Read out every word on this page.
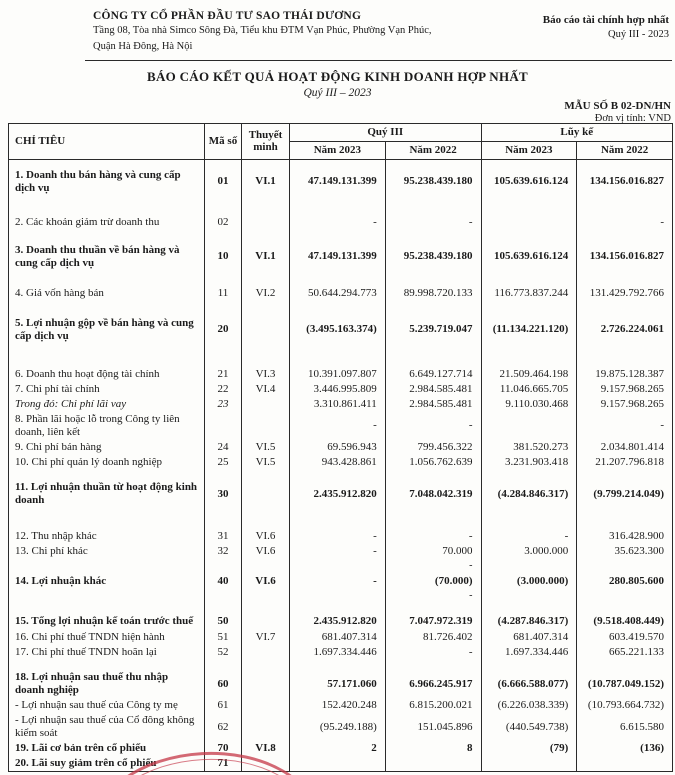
CÔNG TY CỔ PHẦN ĐẦU TƯ SAO THÁI DƯƠNG
Tầng 08, Tòa nhà Simco Sông Đà, Tiểu khu ĐTM Vạn Phúc, Phường Vạn Phúc,
Quận Hà Đông, Hà Nội
Báo cáo tài chính hợp nhất
Quý III - 2023
BÁO CÁO KẾT QUẢ HOẠT ĐỘNG KINH DOANH HỢP NHẤT
Quý III – 2023
MẪU SỐ B 02-DN/HN
Đơn vị tính: VND
CHỈ TIÊU	Mã số	Thuyết minh	Quý III		Lũy kế	
			Năm 2023	Năm 2022	Năm 2023	Năm 2022
1. Doanh thu bán hàng và cung cấp dịch vụ	01	VI.1	47.149.131.399	95.238.439.180	105.639.616.124	134.156.016.827
2. Các khoản giảm trừ doanh thu	02		-	-		-
3. Doanh thu thuần về bán hàng và cung cấp dịch vụ	10	VI.1	47.149.131.399	95.238.439.180	105.639.616.124	134.156.016.827
4. Giá vốn hàng bán	11	VI.2	50.644.294.773	89.998.720.133	116.773.837.244	131.429.792.766
5. Lợi nhuận gộp về bán hàng và cung cấp dịch vụ	20		(3.495.163.374)	5.239.719.047	(11.134.221.120)	2.726.224.061
6. Doanh thu hoạt động tài chính	21	VI.3	10.391.097.807	6.649.127.714	21.509.464.198	19.875.128.387
7. Chi phí tài chính	22	VI.4	3.446.995.809	2.984.585.481	11.046.665.705	9.157.968.265
Trong đó: Chi phí lãi vay	23		3.310.861.411	2.984.585.481	9.110.030.468	9.157.968.265
8. Phần lãi hoặc lỗ trong Công ty liên doanh, liên kết			-	-		-
9. Chi phí bán hàng	24	VI.5	69.596.943	799.456.322	381.520.273	2.034.801.414
10. Chi phí quản lý doanh nghiệp	25	VI.5	943.428.861	1.056.762.639	3.231.903.418	21.207.796.818
11. Lợi nhuận thuần từ hoạt động kinh doanh	30		2.435.912.820	7.048.042.319	(4.284.846.317)	(9.799.214.049)
12. Thu nhập khác	31	VI.6	-	-	-	316.428.900
13. Chi phí khác	32	VI.6	-	70.000	3.000.000	35.623.300
				-		
14. Lợi nhuận khác	40	VI.6	-	(70.000)	(3.000.000)	280.805.600
				-		
15. Tổng lợi nhuận kế toán trước thuế	50		2.435.912.820	7.047.972.319	(4.287.846.317)	(9.518.408.449)
16. Chi phí thuế TNDN hiện hành	51	VI.7	681.407.314	81.726.402	681.407.314	603.419.570
17. Chi phí thuế TNDN hoãn lại	52		1.697.334.446	-	1.697.334.446	665.221.133
18. Lợi nhuận sau thuế thu nhập doanh nghiệp	60		57.171.060	6.966.245.917	(6.666.588.077)	(10.787.049.152)
- Lợi nhuận sau thuế của Công ty mẹ	61		152.420.248	6.815.200.021	(6.226.038.339)	(10.793.664.732)
- Lợi nhuận sau thuế của Cổ đông không kiểm soát	62		(95.249.188)	151.045.896	(440.549.738)	6.615.580
19. Lãi cơ bản trên cổ phiếu	70	VI.8	2	8	(79)	(136)
20. Lãi suy giảm trên cổ phiếu	71					
